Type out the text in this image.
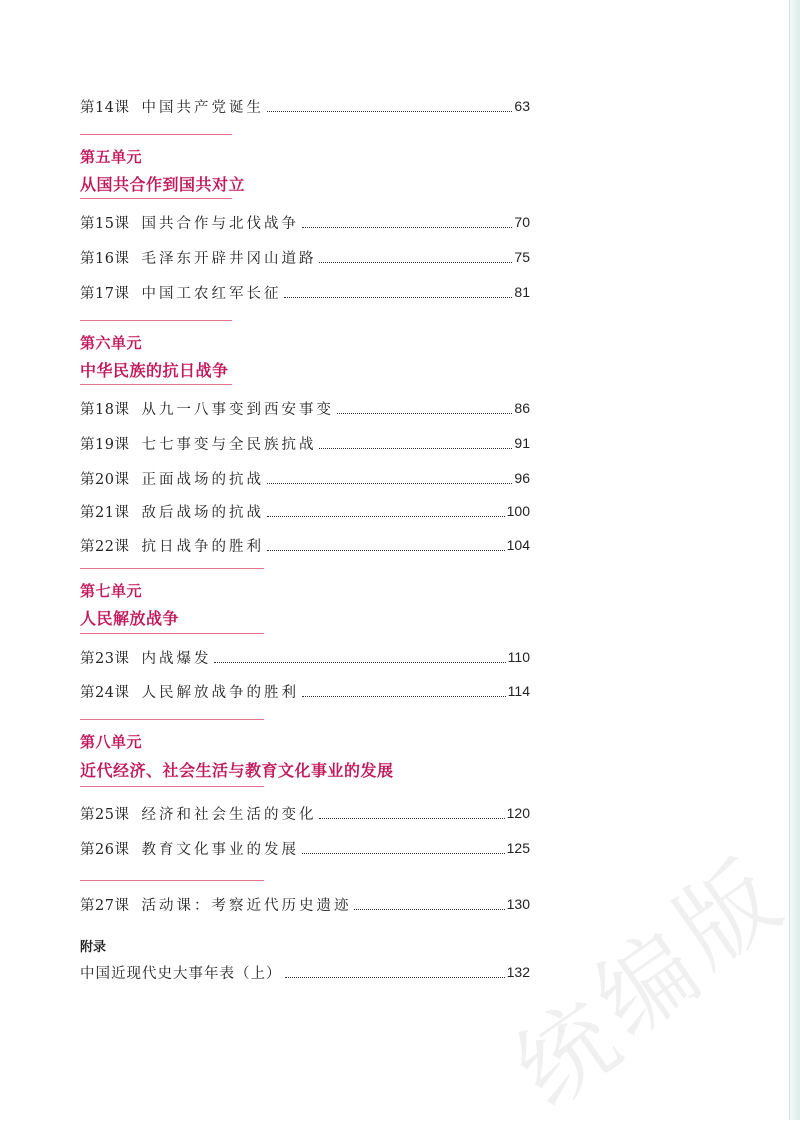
第14课 中国共产党诞生	63
第五单元
从国共合作到国共对立
第15课 国共合作与北伐战争	70
第16课 毛泽东开辟井冈山道路	75
第17课 中国工农红军长征	81
第六单元
中华民族的抗日战争
第18课 从九一八事变到西安事变	86
第19课 七七事变与全民族抗战	91
第20课 正面战场的抗战	96
第21课 敌后战场的抗战	100
第22课 抗日战争的胜利	104
第七单元
人民解放战争
第23课 内战爆发	110
第24课 人民解放战争的胜利	114
第八单元
近代经济、社会生活与教育文化事业的发展
第25课 经济和社会生活的变化	120
第26课 教育文化事业的发展	125
第27课 活动课：考察近代历史遗迹	130
附录
中国近现代史大事年表（上）	132
统
编
版
